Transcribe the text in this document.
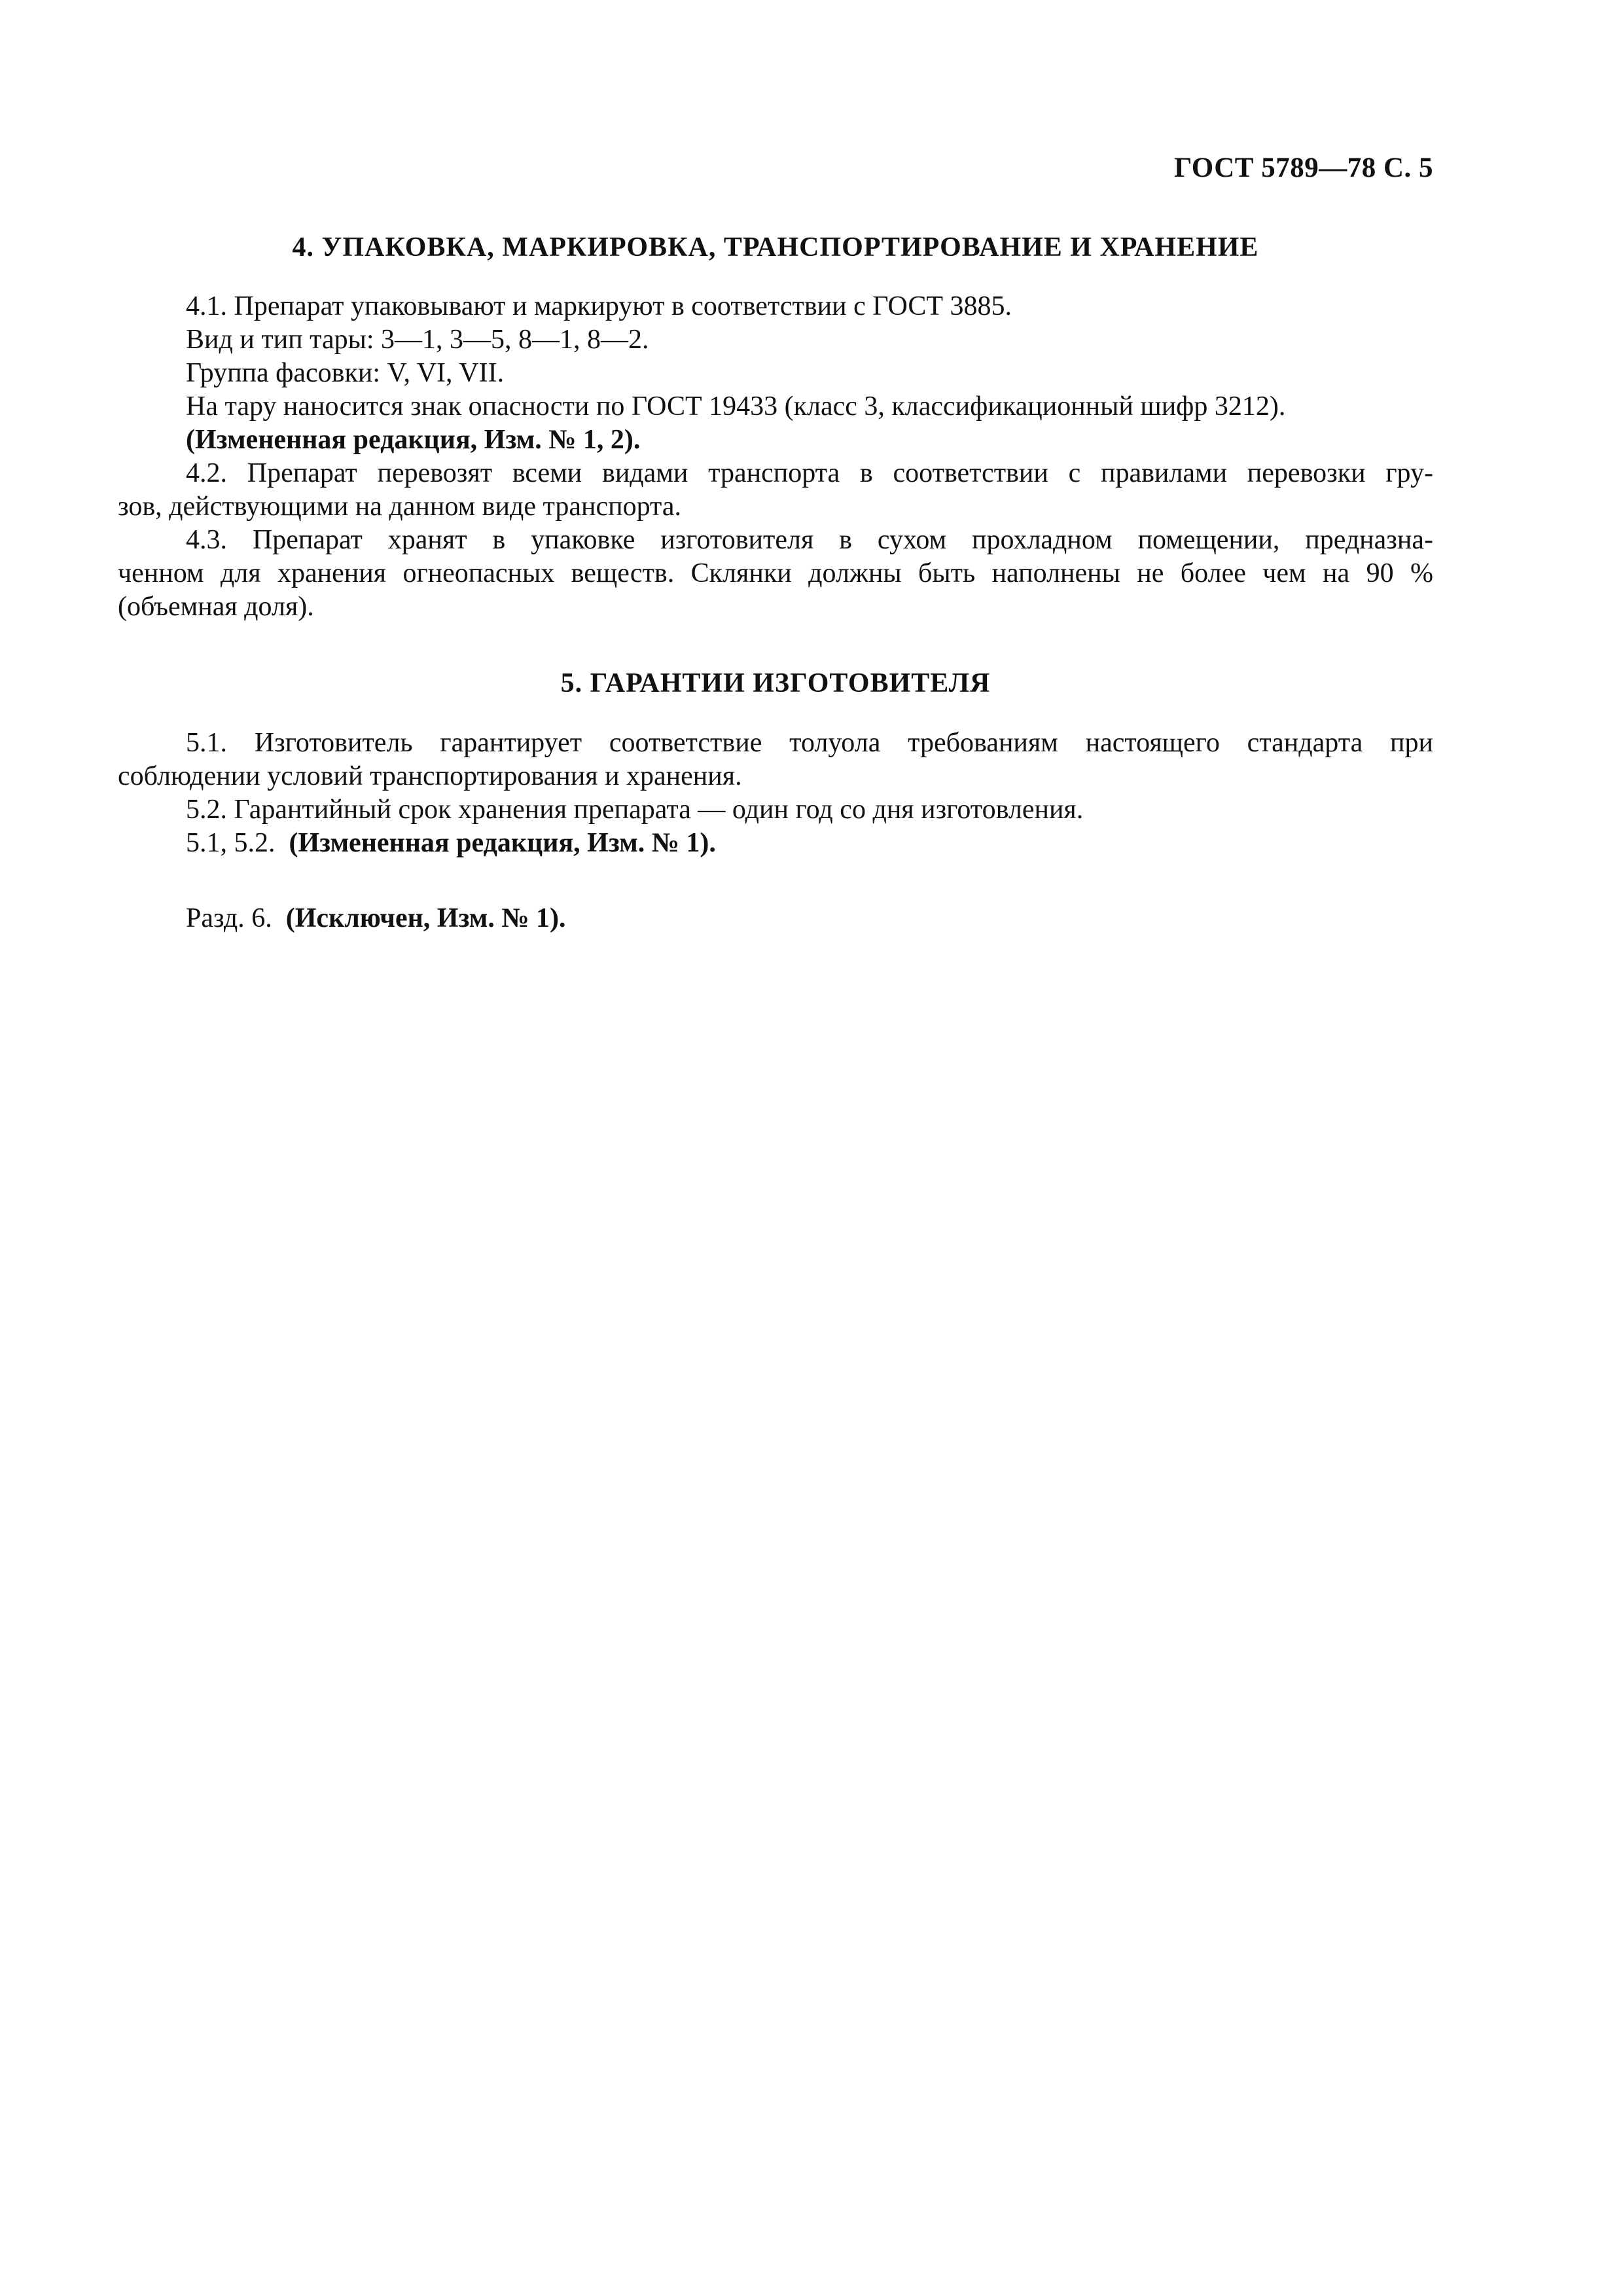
ГОСТ 5789—78 С. 5
4. УПАКОВКА, МАРКИРОВКА, ТРАНСПОРТИРОВАНИЕ И ХРАНЕНИЕ

4.1. Препарат упаковывают и маркируют в соответствии с ГОСТ 3885.

Вид и тип тары: 3—1, 3—5, 8—1, 8—2.

Группа фасовки: V, VI, VII.

На тару наносится знак опасности по ГОСТ 19433 (класс 3, классификационный шифр 3212).

(Измененная редакция, Изм. № 1, 2).

4.2. Препарат перевозят всеми видами транспорта в соответствии с правилами перевозки гру-

зов, действующими на данном виде транспорта.

4.3. Препарат хранят в упаковке изготовителя в сухом прохладном помещении, предназна-

ченном для хранения огнеопасных веществ. Склянки должны быть наполнены не более чем на 90 %

(объемная доля).

5. ГАРАНТИИ ИЗГОТОВИТЕЛЯ

5.1. Изготовитель гарантирует соответствие толуола требованиям настоящего стандарта при

соблюдении условий транспортирования и хранения.

5.2. Гарантийный срок хранения препарата — один год со дня изготовления.

5.1, 5.2. (Измененная редакция, Изм. № 1).

Разд. 6. (Исключен, Изм. № 1).
